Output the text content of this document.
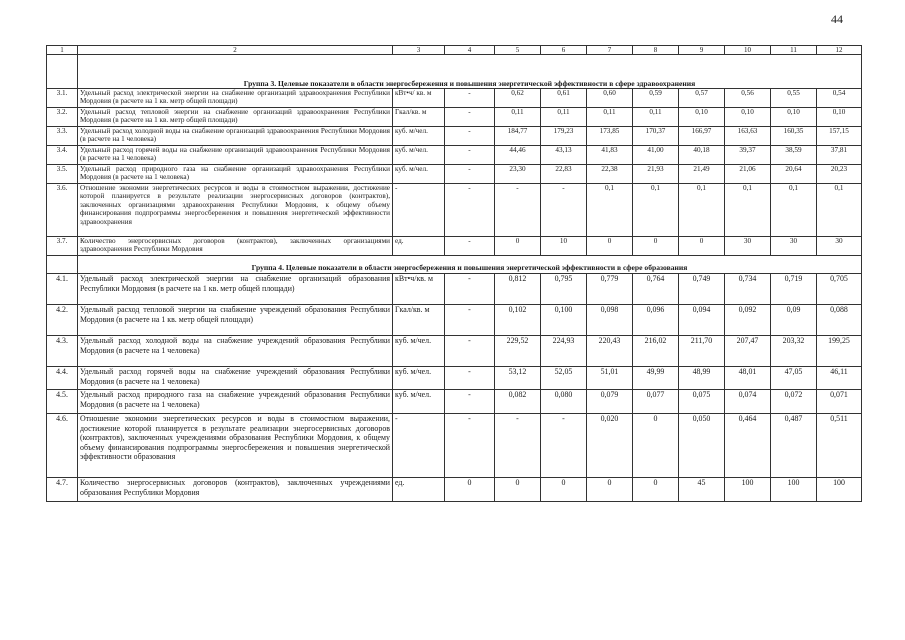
44
1	2	3	4	5	6	7	8	9	10	11	12
	Группа 3. Целевые показатели в области энергосбережения и повышения энергетической эффективности в сфере здравоохранения										
3.1.	Удельный расход электрической энергии на снабжение организаций здравоохранения Республики Мордовия (в расчете на 1 кв. метр общей площади)	кВт•ч/ кв. м	-	0,62	0,61	0,60	0,59	0,57	0,56	0,55	0,54
3.2.	Удельный расход тепловой энергии на снабжение организаций здравоохранения Республики Мордовия (в расчете на 1 кв. метр общей площади)	Гкал/кв. м	-	0,11	0,11	0,11	0,11	0,10	0,10	0,10	0,10
3.3.	Удельный расход холодной воды на снабжение организаций здравоохранения Республики Мордовия (в расчете на 1 человека)	куб. м/чел.	-	184,77	179,23	173,85	170,37	166,97	163,63	160,35	157,15
3.4.	Удельный расход горячей воды на снабжение организаций здравоохранения Республики Мордовия (в расчете на 1 человека)	куб. м/чел.	-	44,46	43,13	41,83	41,00	40,18	39,37	38,59	37,81
3.5.	Удельный расход природного газа на снабжение организаций здравоохранения Республики Мордовия (в расчете на 1 человека)	куб. м/чел.	-	23,30	22,83	22,38	21,93	21,49	21,06	20,64	20,23
3.6.	Отношение экономии энергетических ресурсов и воды в стоимостном выражении, достижение которой планируется в результате реализации энергосервисных договоров (контрактов), заключенных организациями здравоохранения Республики Мордовия, к общему объему финансирования подпрограммы энергосбережения и повышения энергетической эффективности здравоохранения	-	-	-	-	0,1	0,1	0,1	0,1	0,1	0,1
3.7.	Количество энергосервисных договоров (контрактов), заключенных организациями здравоохранения Республики Мордовия	ед.	-	0	10	0	0	0	30	30	30
	Группа 4. Целевые показатели в области энергосбережения и повышения энергетической эффективности в сфере образования										
4.1.	Удельный расход электрической энергии на снабжение организаций образования Республики Мордовия (в расчете на 1 кв. метр общей площади)	кВт•ч/кв. м	-	0,812	0,795	0,779	0,764	0,749	0,734	0,719	0,705
4.2.	Удельный расход тепловой энергии на снабжение учреждений образования Республики Мордовия (в расчете на 1 кв. метр общей площади)	Гкал/кв. м	-	0,102	0,100	0,098	0,096	0,094	0,092	0,09	0,088
4.3.	Удельный расход холодной воды на снабжение учреждений образования Республики Мордовия (в расчете на 1 человека)	куб. м/чел.	-	229,52	224,93	220,43	216,02	211,70	207,47	203,32	199,25
4.4.	Удельный расход горячей воды на снабжение учреждений образования Республики Мордовия (в расчете на 1 человека)	куб. м/чел.	-	53,12	52,05	51,01	49,99	48,99	48,01	47,05	46,11
4.5.	Удельный расход природного газа на снабжение учреждений образования Республики Мордовия (в расчете на 1 человека)	куб. м/чел.	-	0,082	0,080	0,079	0,077	0,075	0,074	0,072	0,071
4.6.	Отношение экономии энергетических ресурсов и воды в стоимостном выражении, достижение которой планируется в результате реализации энергосервисных договоров (контрактов), заключенных учреждениями образования Республики Мордовия, к общему объему финансирования подпрограммы энергосбережения и повышения энергетической эффективности образования	-	-	-	-	0,020	0	0,050	0,464	0,487	0,511
4.7.	Количество энергосервисных договоров (контрактов), заключенных учреждениями образования Республики Мордовия	ед.	0	0	0	0	0	45	100	100	100
